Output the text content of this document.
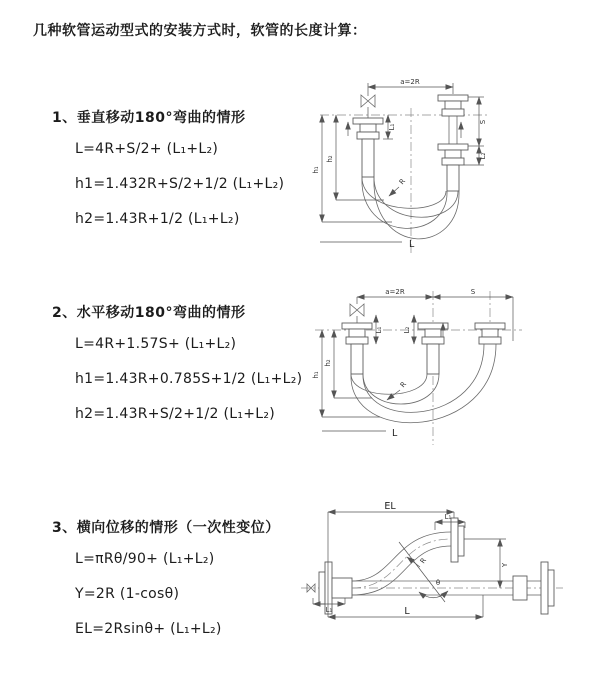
几种软管运动型式的安装方式时，软管的长度计算：
1、垂直移动180°弯曲的情形
L=4R+S/2+ (L₁+L₂)
h1=1.432R+S/2+1/2 (L₁+L₂)
h2=1.43R+1/2 (L₁+L₂)
2、水平移动180°弯曲的情形
L=4R+1.57S+ (L₁+L₂)
h1=1.43R+0.785S+1/2 (L₁+L₂)
h2=1.43R+S/2+1/2 (L₁+L₂)
3、横向位移的情形（一次性变位）
L=πRθ/90+ (L₁+L₂)
Y=2R (1-cosθ)
EL=2Rsinθ+ (L₁+L₂)
a=2R
L₁
S
L₂
R
h₁
h₂
L
a=2R	S
L₁	L₂
R
h₁
h₂
L
EL
L₁
Y
L
L₁
R
θ
